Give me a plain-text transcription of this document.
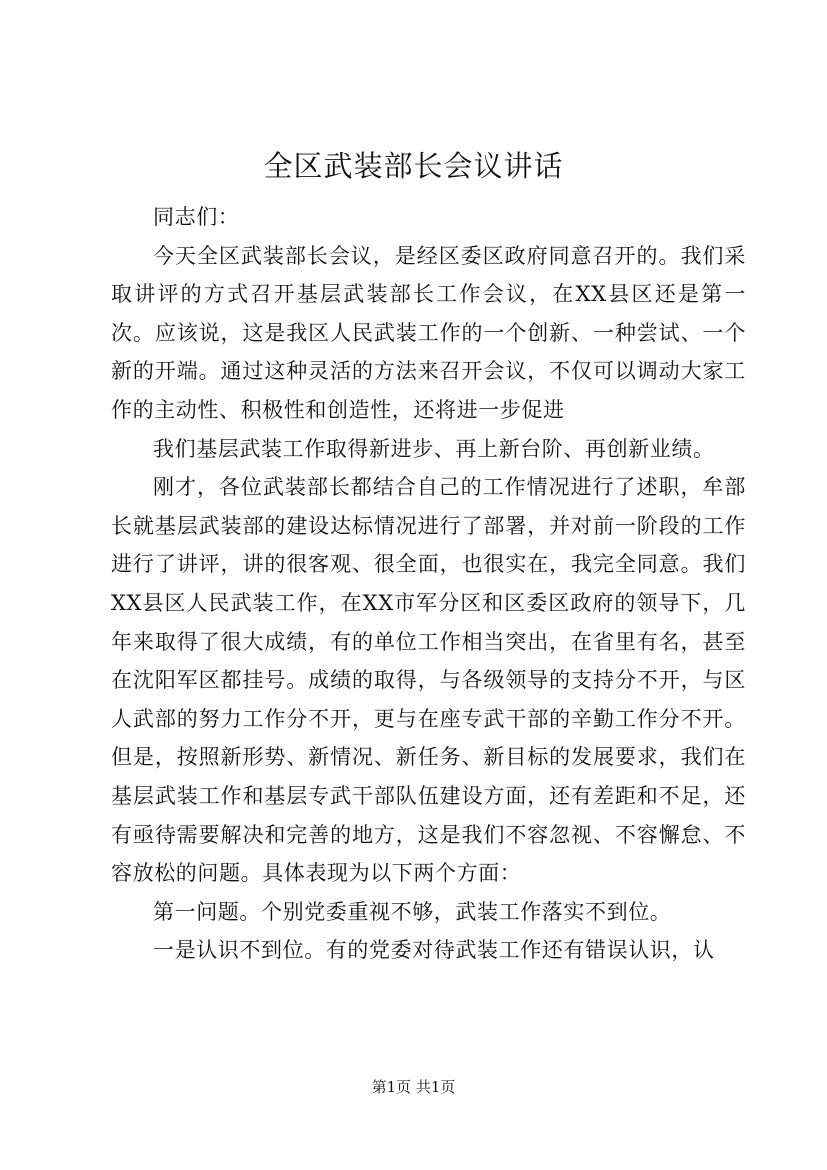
全区武装部长会议讲话

同志们：

今天全区武装部长会议，是经区委区政府同意召开的。我们采取讲评的方式召开基层武装部长工作会议，在XX县区还是第一次。应该说，这是我区人民武装工作的一个创新、一种尝试、一个新的开端。通过这种灵活的方法来召开会议，不仅可以调动大家工作的主动性、积极性和创造性，还将进一步促进

我们基层武装工作取得新进步、再上新台阶、再创新业绩。

刚才，各位武装部长都结合自己的工作情况进行了述职，牟部长就基层武装部的建设达标情况进行了部署，并对前一阶段的工作进行了讲评，讲的很客观、很全面，也很实在，我完全同意。我们XX县区人民武装工作，在XX市军分区和区委区政府的领导下，几年来取得了很大成绩，有的单位工作相当突出，在省里有名，甚至在沈阳军区都挂号。成绩的取得，与各级领导的支持分不开，与区人武部的努力工作分不开，更与在座专武干部的辛勤工作分不开。但是，按照新形势、新情况、新任务、新目标的发展要求，我们在基层武装工作和基层专武干部队伍建设方面，还有差距和不足，还有亟待需要解决和完善的地方，这是我们不容忽视、不容懈怠、不容放松的问题。具体表现为以下两个方面：

第一问题。个别党委重视不够，武装工作落实不到位。

一是认识不到位。有的党委对待武装工作还有错误认识，认

第1页 共1页
